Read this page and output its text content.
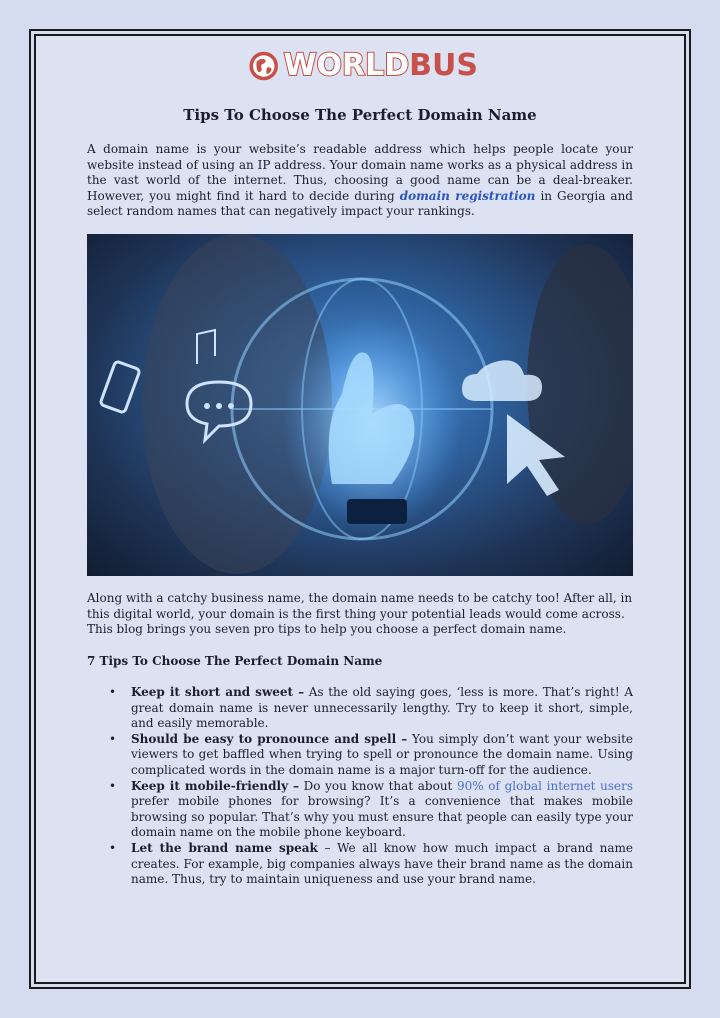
WORLDBUS
Tips To Choose The Perfect Domain Name

A domain name is your website’s readable address which helps people locate your website instead of using an IP address. Your domain name works as a physical address in the vast world of the internet. Thus, choosing a good name can be a deal-breaker. However, you might find it hard to decide during domain registration in Georgia and select random names that can negatively impact your rankings.

Along with a catchy business name, the domain name needs to be catchy too! After all, in this digital world, your domain is the first thing your potential leads would come across.
This blog brings you seven pro tips to help you choose a perfect domain name.

7 Tips To Choose The Perfect Domain Name
• Keep it short and sweet – As the old saying goes, ‘less is more. That’s right! A great domain name is never unnecessarily lengthy. Try to keep it short, simple, and easily memorable.
• Should be easy to pronounce and spell – You simply don’t want your website viewers to get baffled when trying to spell or pronounce the domain name. Using complicated words in the domain name is a major turn-off for the audience.
• Keep it mobile-friendly – Do you know that about 90% of global internet users prefer mobile phones for browsing? It’s a convenience that makes mobile browsing so popular. That’s why you must ensure that people can easily type your domain name on the mobile phone keyboard.
• Let the brand name speak – We all know how much impact a brand name creates. For example, big companies always have their brand name as the domain name. Thus, try to maintain uniqueness and use your brand name.
